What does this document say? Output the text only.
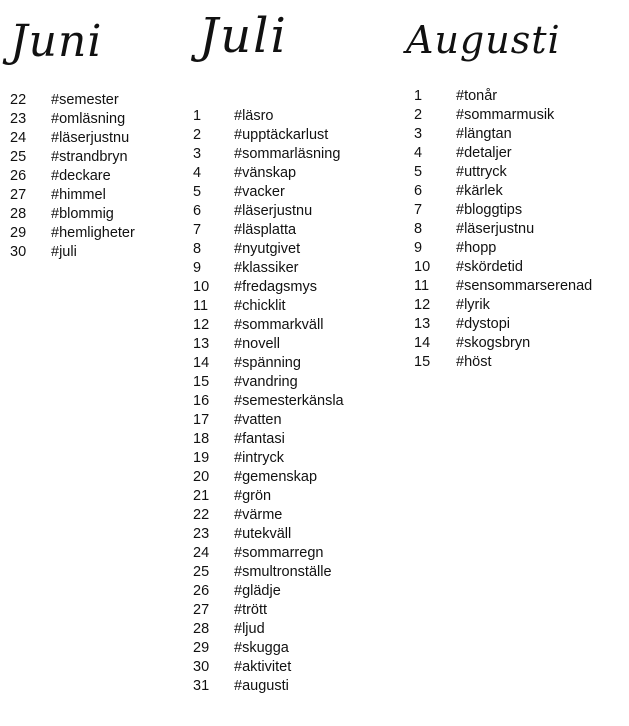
Juni
22	#semester
23	#omläsning
24	#läserjustnu
25	#strandbryn
26	#deckare
27	#himmel
28	#blommig
29	#hemligheter
30	#juli
Juli
1	#läsro
2	#upptäckarlust
3	#sommarläsning
4	#vänskap
5	#vacker
6	#läserjustnu
7	#läsplatta
8	#nyutgivet
9	#klassiker
10	#fredagsmys
11	#chicklit
12	#sommarkväll
13	#novell
14	#spänning
15	#vandring
16	#semesterkänsla
17	#vatten
18	#fantasi
19	#intryck
20	#gemenskap
21	#grön
22	#värme
23	#utekväll
24	#sommarregn
25	#smultronställe
26	#glädje
27	#trött
28	#ljud
29	#skugga
30	#aktivitet
31	#augusti
Augusti
1	#tonår
2	#sommarmusik
3	#längtan
4	#detaljer
5	#uttryck
6	#kärlek
7	#bloggtips
8	#läserjustnu
9	#hopp
10	#skördetid
11	#sensommarserenad
12	#lyrik
13	#dystopi
14	#skogsbryn
15	#höst
